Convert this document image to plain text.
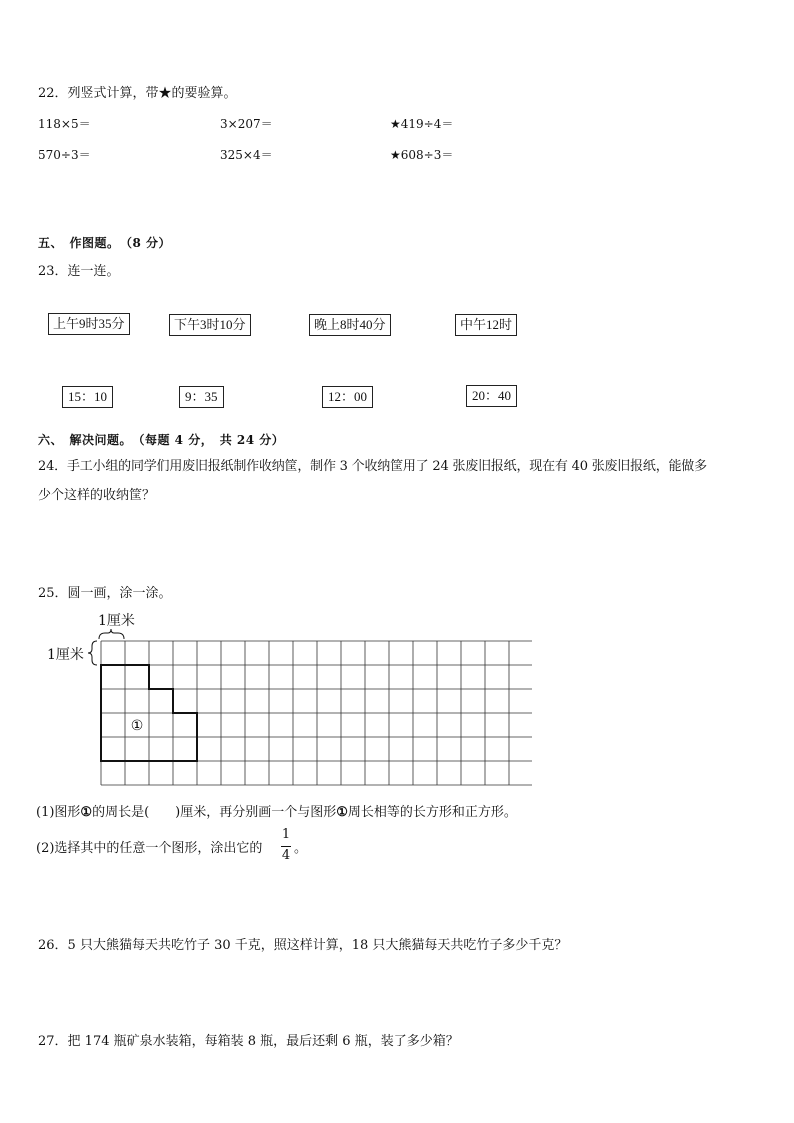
22．列竖式计算，带★的要验算。
118×5＝	3×207＝	★419÷4＝
570÷3＝	325×4＝	★608÷3＝
五、　作图题。　（8 分）
23．连一连。
上午9时35分	下午3时10分	晚上8时40分	中午12时
15：10	9：35	12：00	20：40
六、　解决问题。　（每题 4 分，　共 24 分）
24．手工小组的同学们用废旧报纸制作收纳筐，制作 3 个收纳筐用了 24 张废旧报纸，现在有 40 张废旧报纸，能做多
少个这样的收纳筐？
25．圆一画，涂一涂。
1厘米
1厘米
①
(1)图形①的周长是(　　)厘米，再分别画一个与图形①周长相等的长方形和正方形。
(2)选择其中的任意一个图形，涂出它的
1
4 。
26．5 只大熊猫每天共吃竹子 30 千克，照这样计算，18 只大熊猫每天共吃竹子多少千克？
27．把 174 瓶矿泉水装箱，每箱装 8 瓶，最后还剩 6 瓶，装了多少箱？
